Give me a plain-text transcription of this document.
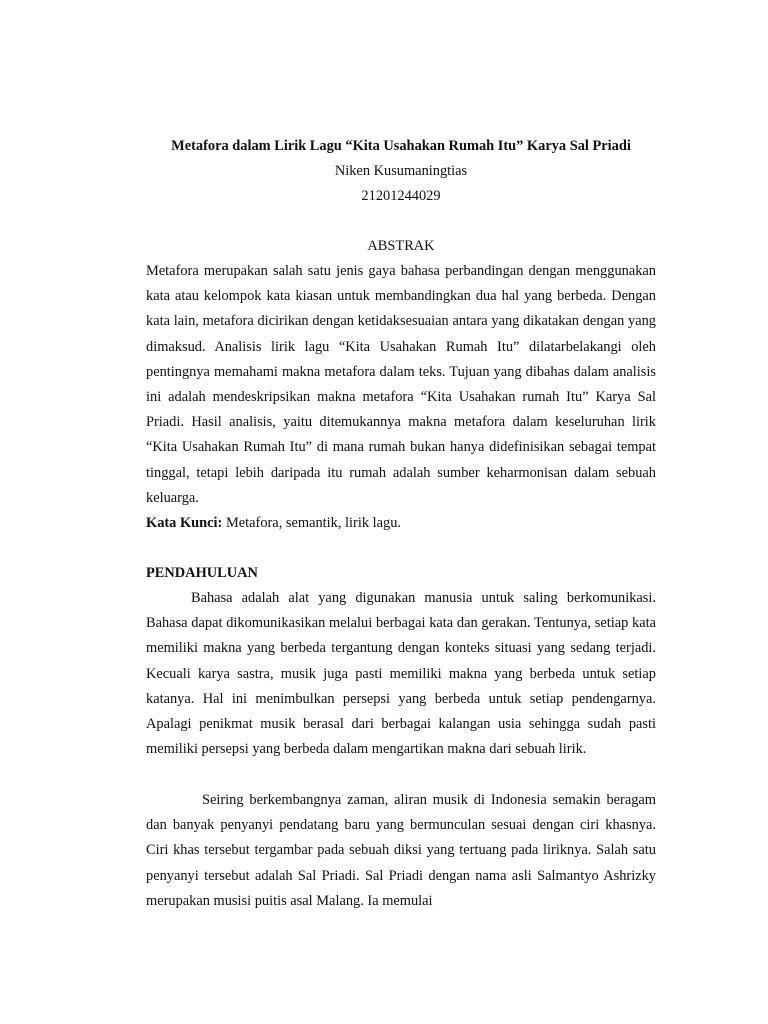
Metafora dalam Lirik Lagu “Kita Usahakan Rumah Itu” Karya Sal Priadi

Niken Kusumaningtias

21201244029

ABSTRAK

Metafora merupakan salah satu jenis gaya bahasa perbandingan dengan menggunakan kata atau kelompok kata kiasan untuk membandingkan dua hal yang berbeda. Dengan kata lain, metafora dicirikan dengan ketidaksesuaian antara yang dikatakan dengan yang dimaksud. Analisis lirik lagu “Kita Usahakan Rumah Itu” dilatarbelakangi oleh pentingnya memahami makna metafora dalam teks. Tujuan yang dibahas dalam analisis ini adalah mendeskripsikan makna metafora “Kita Usahakan rumah Itu” Karya Sal Priadi. Hasil analisis, yaitu ditemukannya makna metafora dalam keseluruhan lirik “Kita Usahakan Rumah Itu” di mana rumah bukan hanya didefinisikan sebagai tempat tinggal, tetapi lebih daripada itu rumah adalah sumber keharmonisan dalam sebuah keluarga.

Kata Kunci: Metafora, semantik, lirik lagu.

PENDAHULUAN

Bahasa adalah alat yang digunakan manusia untuk saling berkomunikasi. Bahasa dapat dikomunikasikan melalui berbagai kata dan gerakan. Tentunya, setiap kata memiliki makna yang berbeda tergantung dengan konteks situasi yang sedang terjadi. Kecuali karya sastra, musik juga pasti memiliki makna yang berbeda untuk setiap katanya. Hal ini menimbulkan persepsi yang berbeda untuk setiap pendengarnya. Apalagi penikmat musik berasal dari berbagai kalangan usia sehingga sudah pasti memiliki persepsi yang berbeda dalam mengartikan makna dari sebuah lirik.

Seiring berkembangnya zaman, aliran musik di Indonesia semakin beragam dan banyak penyanyi pendatang baru yang bermunculan sesuai dengan ciri khasnya. Ciri khas tersebut tergambar pada sebuah diksi yang tertuang pada liriknya. Salah satu penyanyi tersebut adalah Sal Priadi. Sal Priadi dengan nama asli Salmantyo Ashrizky merupakan musisi puitis asal Malang. Ia memulai
